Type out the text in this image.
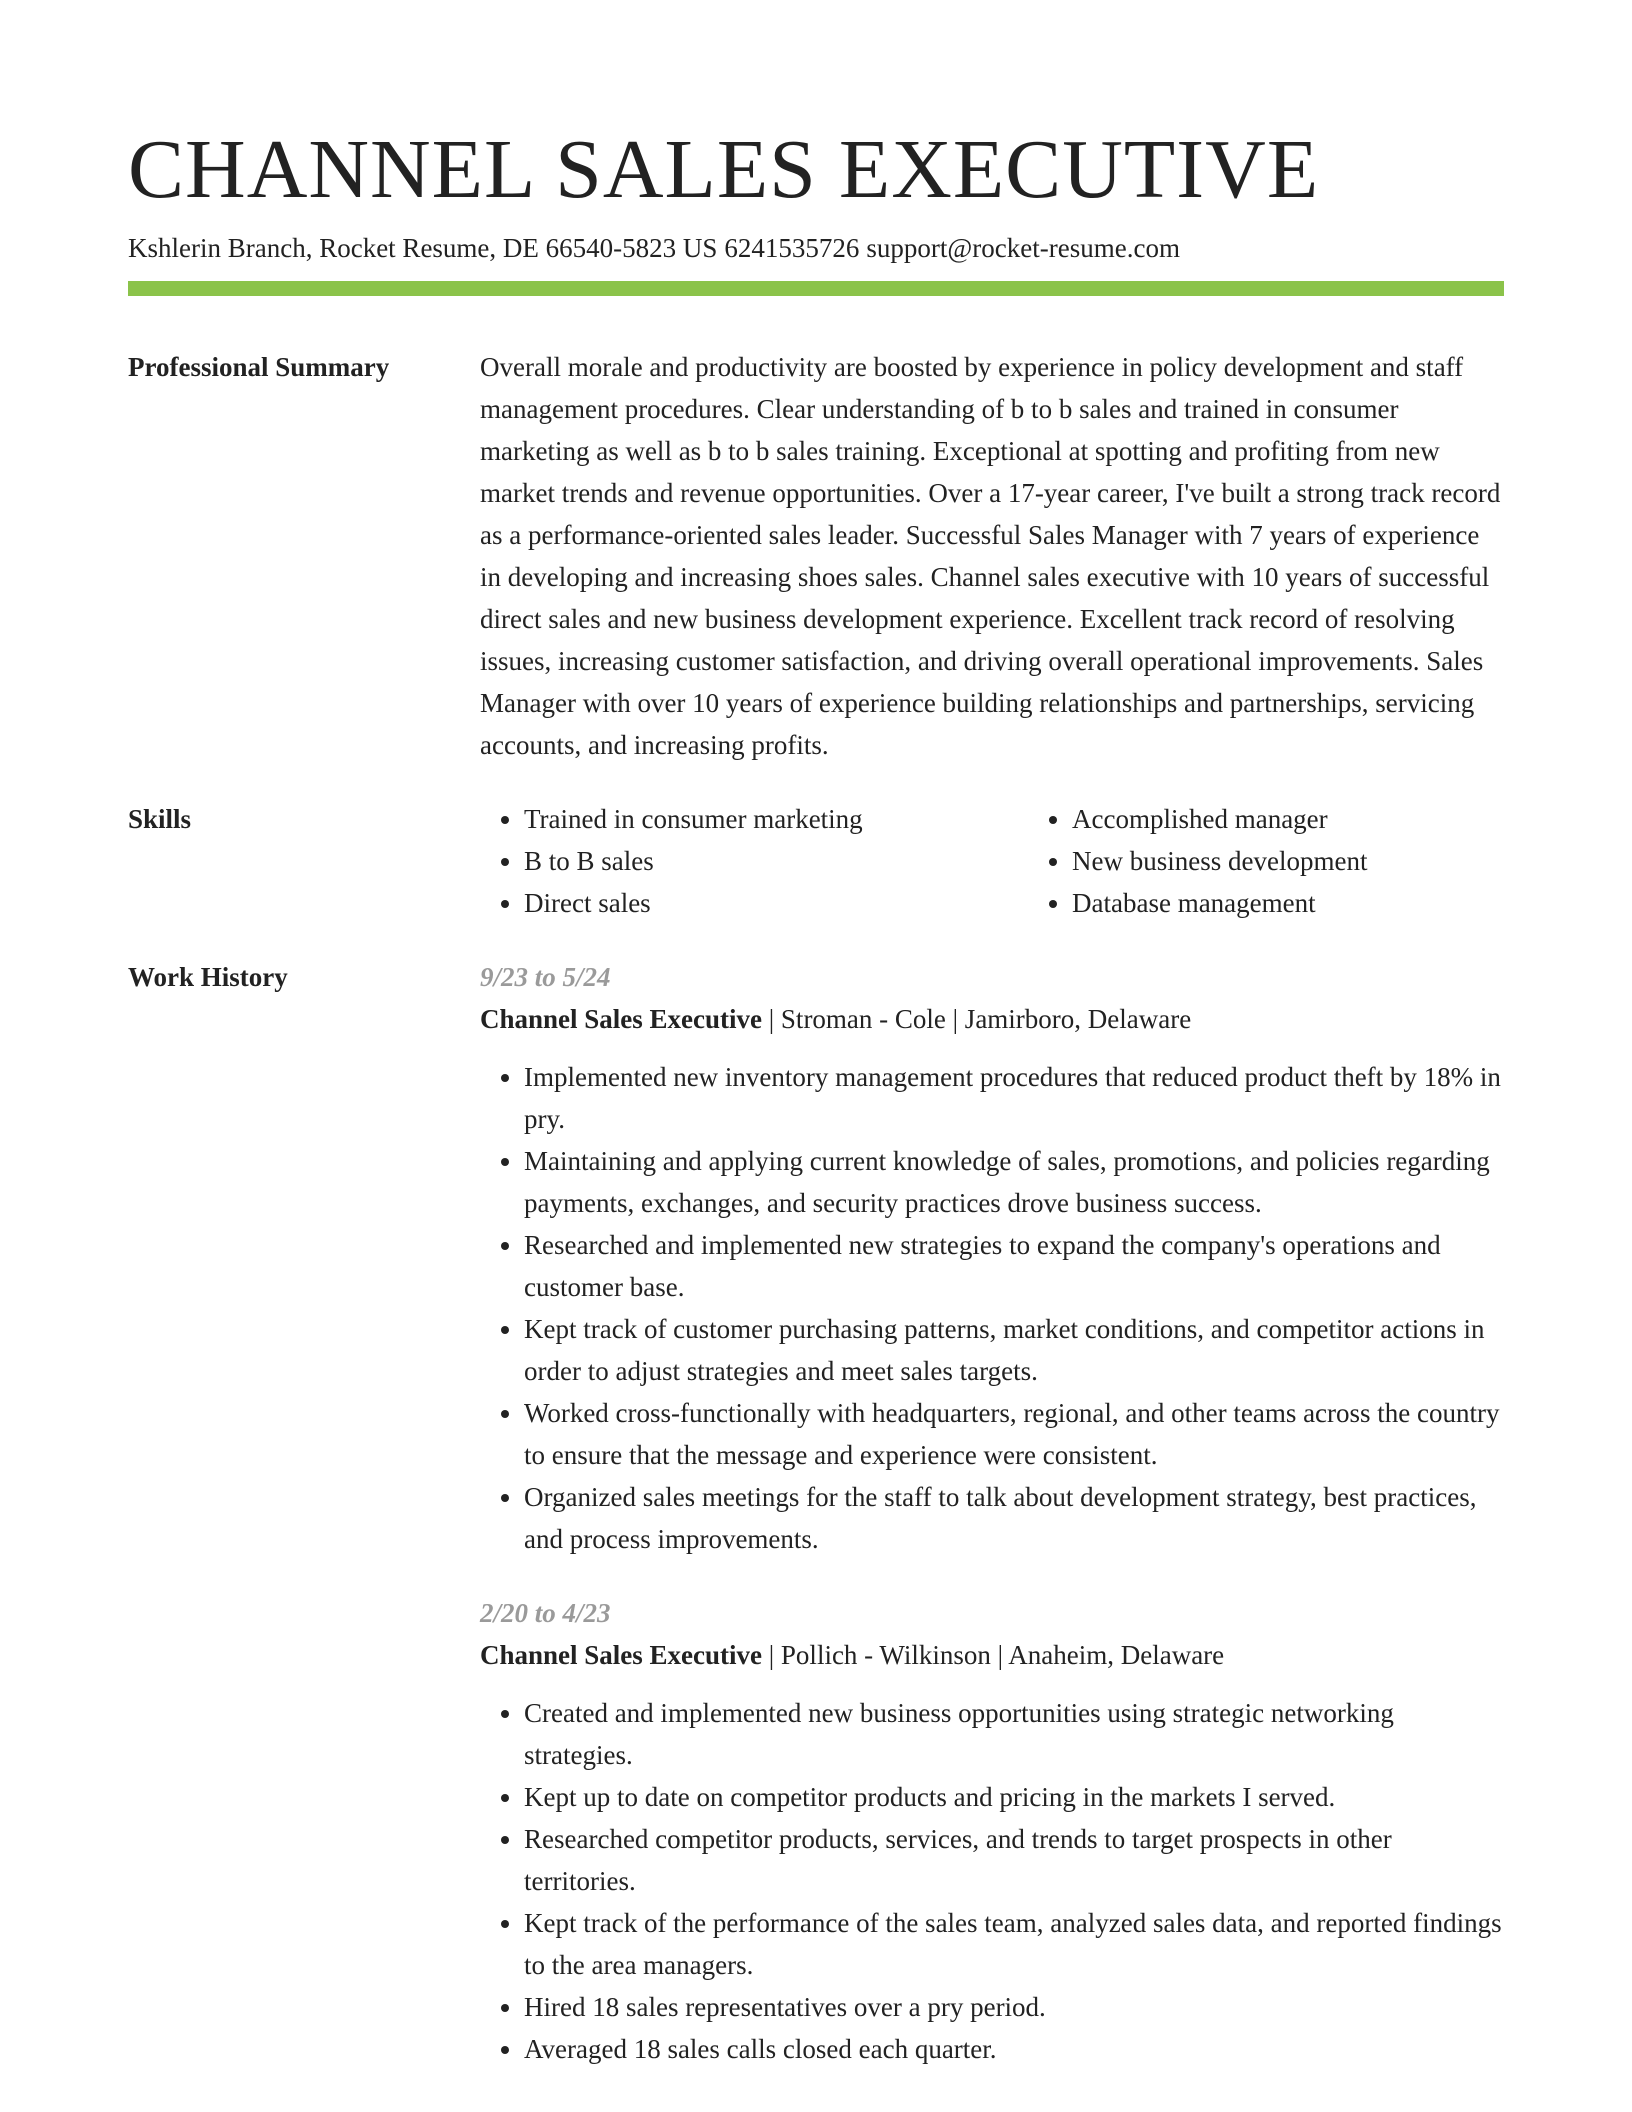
CHANNEL SALES EXECUTIVE
Kshlerin Branch, Rocket Resume, DE 66540-5823 US 6241535726 support@rocket-resume.com
Professional Summary	Overall morale and productivity are boosted by experience in policy development and staff management procedures. Clear understanding of b to b sales and trained in consumer marketing as well as b to b sales training. Exceptional at spotting and profiting from new market trends and revenue opportunities. Over a 17-year career, I've built a strong track record as a performance-oriented sales leader. Successful Sales Manager with 7 years of experience in developing and increasing shoes sales. Channel sales executive with 10 years of successful direct sales and new business development experience. Excellent track record of resolving issues, increasing customer satisfaction, and driving overall operational improvements. Sales Manager with over 10 years of experience building relationships and partnerships, servicing accounts, and increasing profits.

Skills
•	Trained in consumer marketing
• B to B sales
• Direct sales
• Accomplished manager
• New business development
• Database management
Work History	9/23 to 5/24
Channel Sales Executive | Stroman - Cole | Jamirboro, Delaware
• Implemented new inventory management procedures that reduced product theft by 18% in pry.
• Maintaining and applying current knowledge of sales, promotions, and policies regarding payments, exchanges, and security practices drove business success.
• Researched and implemented new strategies to expand the company's operations and customer base.
• Kept track of customer purchasing patterns, market conditions, and competitor actions in order to adjust strategies and meet sales targets.
• Worked cross-functionally with headquarters, regional, and other teams across the country to ensure that the message and experience were consistent.
• Organized sales meetings for the staff to talk about development strategy, best practices, and process improvements.
2/20 to 4/23
Channel Sales Executive | Pollich - Wilkinson | Anaheim, Delaware
• Created and implemented new business opportunities using strategic networking strategies.
• Kept up to date on competitor products and pricing in the markets I served.
• Researched competitor products, services, and trends to target prospects in other territories.
• Kept track of the performance of the sales team, analyzed sales data, and reported findings to the area managers.
• Hired 18 sales representatives over a pry period.
• Averaged 18 sales calls closed each quarter.
